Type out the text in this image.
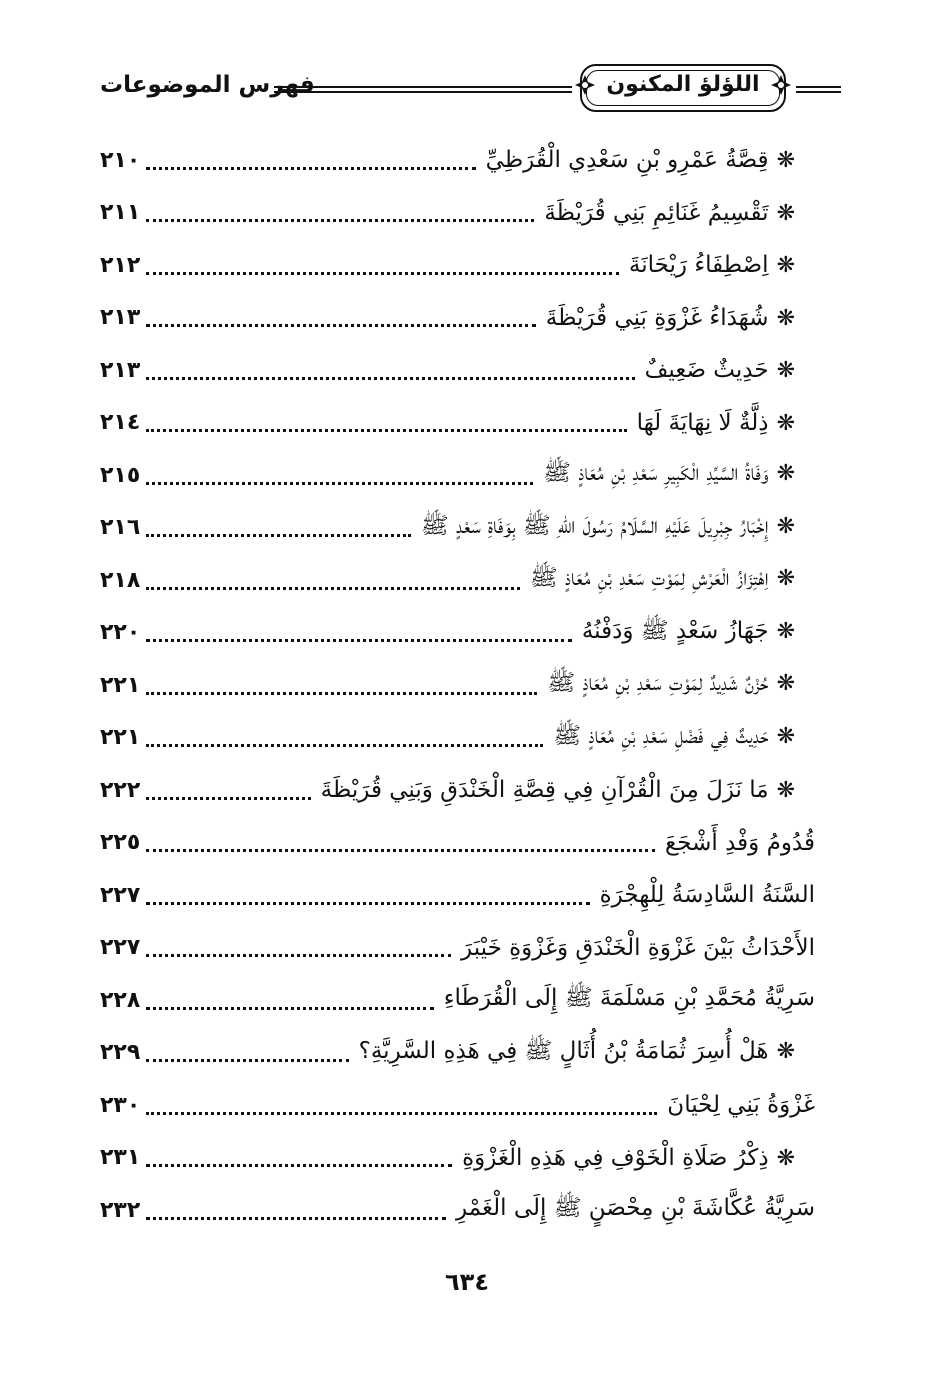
فهرس الموضوعات	اللؤلؤ المكنون
❋قِصَّةُ عَمْرِو بْنِ سَعْدِي الْقُرَظِيِّ
٢١٠
❋تَقْسِيمُ غَنَائِمِ بَنِي قُرَيْظَةَ
٢١١
❋اِصْطِفَاءُ رَيْحَانَةَ
٢١٢
❋شُهَدَاءُ غَزْوَةِ بَنِي قُرَيْظَةَ
٢١٣
❋حَدِيثٌ ضَعِيفٌ
٢١٣
❋ذِلَّةٌ لَا نِهَايَةَ لَهَا
٢١٤
❋وَفَاةُ السَّيِّدِ الْكَبِيرِ سَعْدِ بْنِ مُعَاذٍ ﷺ
٢١٥
❋إِخْبَارُ جِبْرِيلَ عَلَيْهِ السَّلَامُ رَسُولَ اللهِ ﷺ بِوَفَاةِ سَعْدٍ ﷺ
٢١٦
❋اِهْتِزَازُ الْعَرْشِ لِمَوْتِ سَعْدِ بْنِ مُعَاذٍ ﷺ
٢١٨
❋جَهَازُ سَعْدٍ ﷺ وَدَفْنُهُ
٢٢٠
❋حُزْنٌ شَدِيدٌ لِمَوْتِ سَعْدِ بْنِ مُعَاذٍ ﷺ
٢٢١
❋حَدِيثٌ فِي فَضْلِ سَعْدِ بْنِ مُعَاذٍ ﷺ
٢٢١
❋مَا نَزَلَ مِنَ الْقُرْآنِ فِي قِصَّةِ الْخَنْدَقِ وَبَنِي قُرَيْظَةَ
٢٢٢
قُدُومُ وَفْدِ أَشْجَعَ
٢٢٥
السَّنَةُ السَّادِسَةُ لِلْهِجْرَةِ
٢٢٧
الأَحْدَاثُ بَيْنَ غَزْوَةِ الْخَنْدَقِ وَغَزْوَةِ خَيْبَرَ
٢٢٧
سَرِيَّةُ مُحَمَّدِ بْنِ مَسْلَمَةَ ﷺ إِلَى الْقُرَطَاءِ
٢٢٨
❋هَلْ أُسِرَ ثُمَامَةُ بْنُ أُثَالٍ ﷺ فِي هَذِهِ السَّرِيَّةِ؟
٢٢٩
غَزْوَةُ بَنِي لِحْيَانَ
٢٣٠
❋ذِكْرُ صَلَاةِ الْخَوْفِ فِي هَذِهِ الْغَزْوَةِ
٢٣١
سَرِيَّةُ عُكَّاشَةَ بْنِ مِحْصَنٍ ﷺ إِلَى الْغَمْرِ
٢٣٢
٦٣٤
